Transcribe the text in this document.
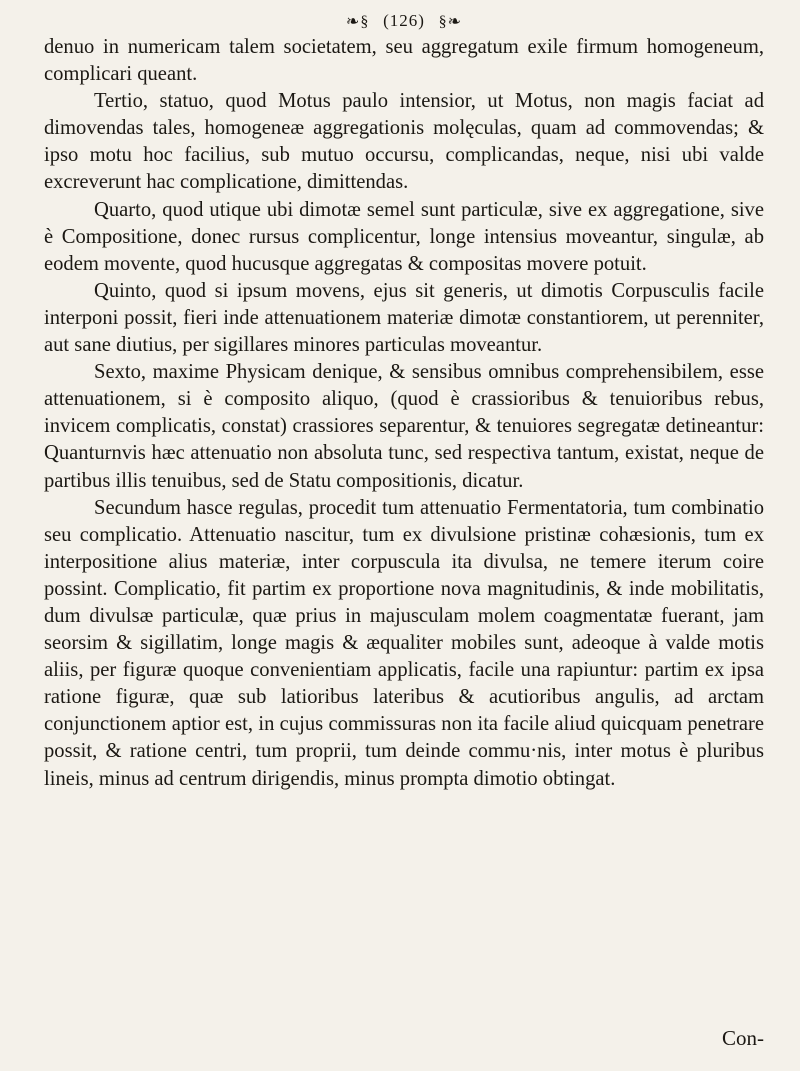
❧§ (126) §❧

denuo in numericam talem societatem, seu aggregatum exile firmum homogeneum, complicari queant.

Tertio, statuo, quod Motus paulo intensior, ut Motus, non magis faciat ad dimovendas tales, homogeneæ aggregationis molęculas, quam ad commovendas; & ipso motu hoc facilius, sub mutuo occursu, complicandas, neque, nisi ubi valde excreverunt hac complicatione, dimittendas.

Quarto, quod utique ubi dimotæ semel sunt particulæ, sive ex aggregatione, sive è Compositione, donec rursus complicentur, longe intensius moveantur, singulæ, ab eodem movente, quod hucusque aggregatas & compositas movere potuit.

Quinto, quod si ipsum movens, ejus sit generis, ut dimotis Corpusculis facile interponi possit, fieri inde attenuationem materiæ dimotæ constantiorem, ut perenniter, aut sane diutius, per sigillares minores particulas moveantur.

Sexto, maxime Physicam denique, & sensibus omnibus comprehensibilem, esse attenuationem, si è composito aliquo, (quod è crassioribus & tenuioribus rebus, invicem complicatis, constat) crassiores separentur, & tenuiores segregatæ detineantur: Quanturnvis hæc attenuatio non absoluta tunc, sed respectiva tantum, existat, neque de partibus illis tenuibus, sed de Statu compositionis, dicatur.

Secundum hasce regulas, procedit tum attenuatio Fermentatoria, tum combinatio seu complicatio. Attenuatio nascitur, tum ex divulsione pristinæ cohæsionis, tum ex interpositione alius materiæ, inter corpuscula ita divulsa, ne temere iterum coire possint. Complicatio, fit partim ex proportione nova magnitudinis, & inde mobilitatis, dum divulsæ particulæ, quæ prius in majusculam molem coagmentatæ fuerant, jam seorsim & sigillatim, longe magis & æqualiter mobiles sunt, adeoque à valde motis aliis, per figuræ quoque convenientiam applicatis, facile una rapiuntur: partim ex ipsa ratione figuræ, quæ sub latioribus lateribus & acutioribus angulis, ad arctam conjunctionem aptior est, in cujus commissuras non ita facile aliud quicquam penetrare possit, & ratione centri, tum proprii, tum deinde commu·nis, inter motus è pluribus lineis, minus ad centrum dirigendis, minus prompta dimotio obtingat.

Con-
